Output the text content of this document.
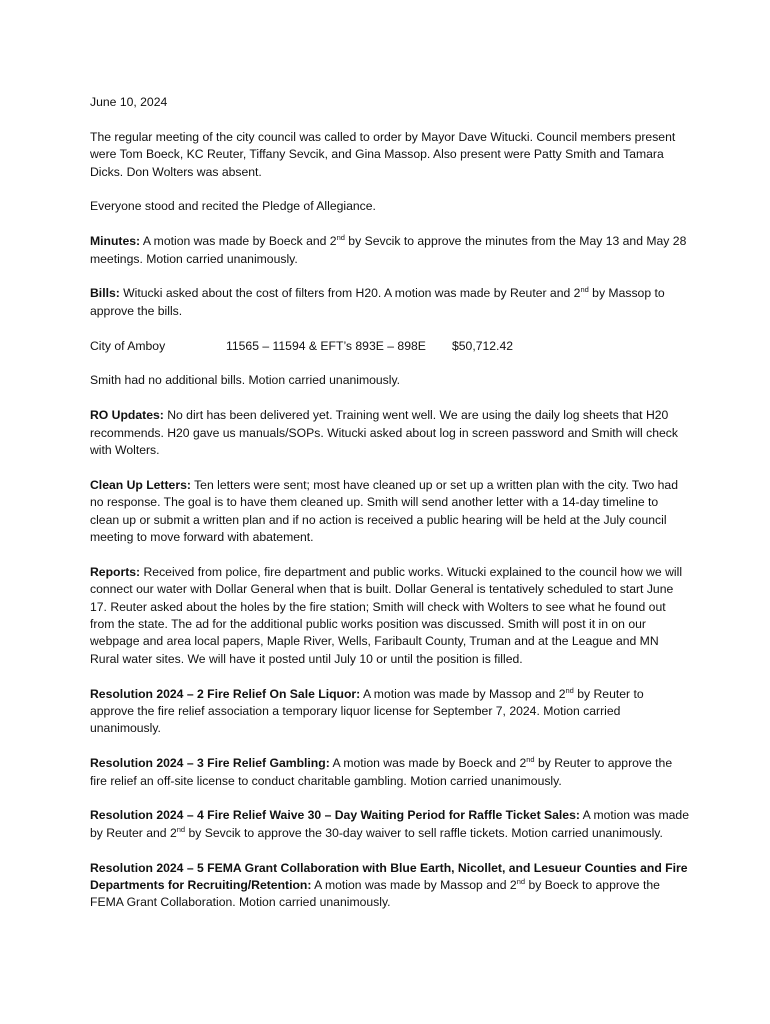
June 10, 2024

The regular meeting of the city council was called to order by Mayor Dave Witucki. Council members present were Tom Boeck, KC Reuter, Tiffany Sevcik, and Gina Massop. Also present were Patty Smith and Tamara Dicks. Don Wolters was absent.

Everyone stood and recited the Pledge of Allegiance.

Minutes: A motion was made by Boeck and 2nd by Sevcik to approve the minutes from the May 13 and May 28 meetings. Motion carried unanimously.

Bills: Witucki asked about the cost of filters from H20. A motion was made by Reuter and 2nd by Massop to approve the bills.

City of Amboy	11565 – 11594 & EFT’s 893E – 898E	$50,712.42

Smith had no additional bills. Motion carried unanimously.

RO Updates: No dirt has been delivered yet. Training went well. We are using the daily log sheets that H20 recommends. H20 gave us manuals/SOPs. Witucki asked about log in screen password and Smith will check with Wolters.

Clean Up Letters: Ten letters were sent; most have cleaned up or set up a written plan with the city. Two had no response. The goal is to have them cleaned up. Smith will send another letter with a 14-day timeline to clean up or submit a written plan and if no action is received a public hearing will be held at the July council meeting to move forward with abatement.

Reports: Received from police, fire department and public works. Witucki explained to the council how we will connect our water with Dollar General when that is built. Dollar General is tentatively scheduled to start June 17. Reuter asked about the holes by the fire station; Smith will check with Wolters to see what he found out from the state. The ad for the additional public works position was discussed. Smith will post it in on our webpage and area local papers, Maple River, Wells, Faribault County, Truman and at the League and MN Rural water sites. We will have it posted until July 10 or until the position is filled.

Resolution 2024 – 2 Fire Relief On Sale Liquor: A motion was made by Massop and 2nd by Reuter to approve the fire relief association a temporary liquor license for September 7, 2024. Motion carried unanimously.

Resolution 2024 – 3 Fire Relief Gambling: A motion was made by Boeck and 2nd by Reuter to approve the fire relief an off-site license to conduct charitable gambling. Motion carried unanimously.

Resolution 2024 – 4 Fire Relief Waive 30 – Day Waiting Period for Raffle Ticket Sales: A motion was made by Reuter and 2nd by Sevcik to approve the 30-day waiver to sell raffle tickets. Motion carried unanimously.

Resolution 2024 – 5 FEMA Grant Collaboration with Blue Earth, Nicollet, and Lesueur Counties and Fire Departments for Recruiting/Retention: A motion was made by Massop and 2nd by Boeck to approve the FEMA Grant Collaboration. Motion carried unanimously.
